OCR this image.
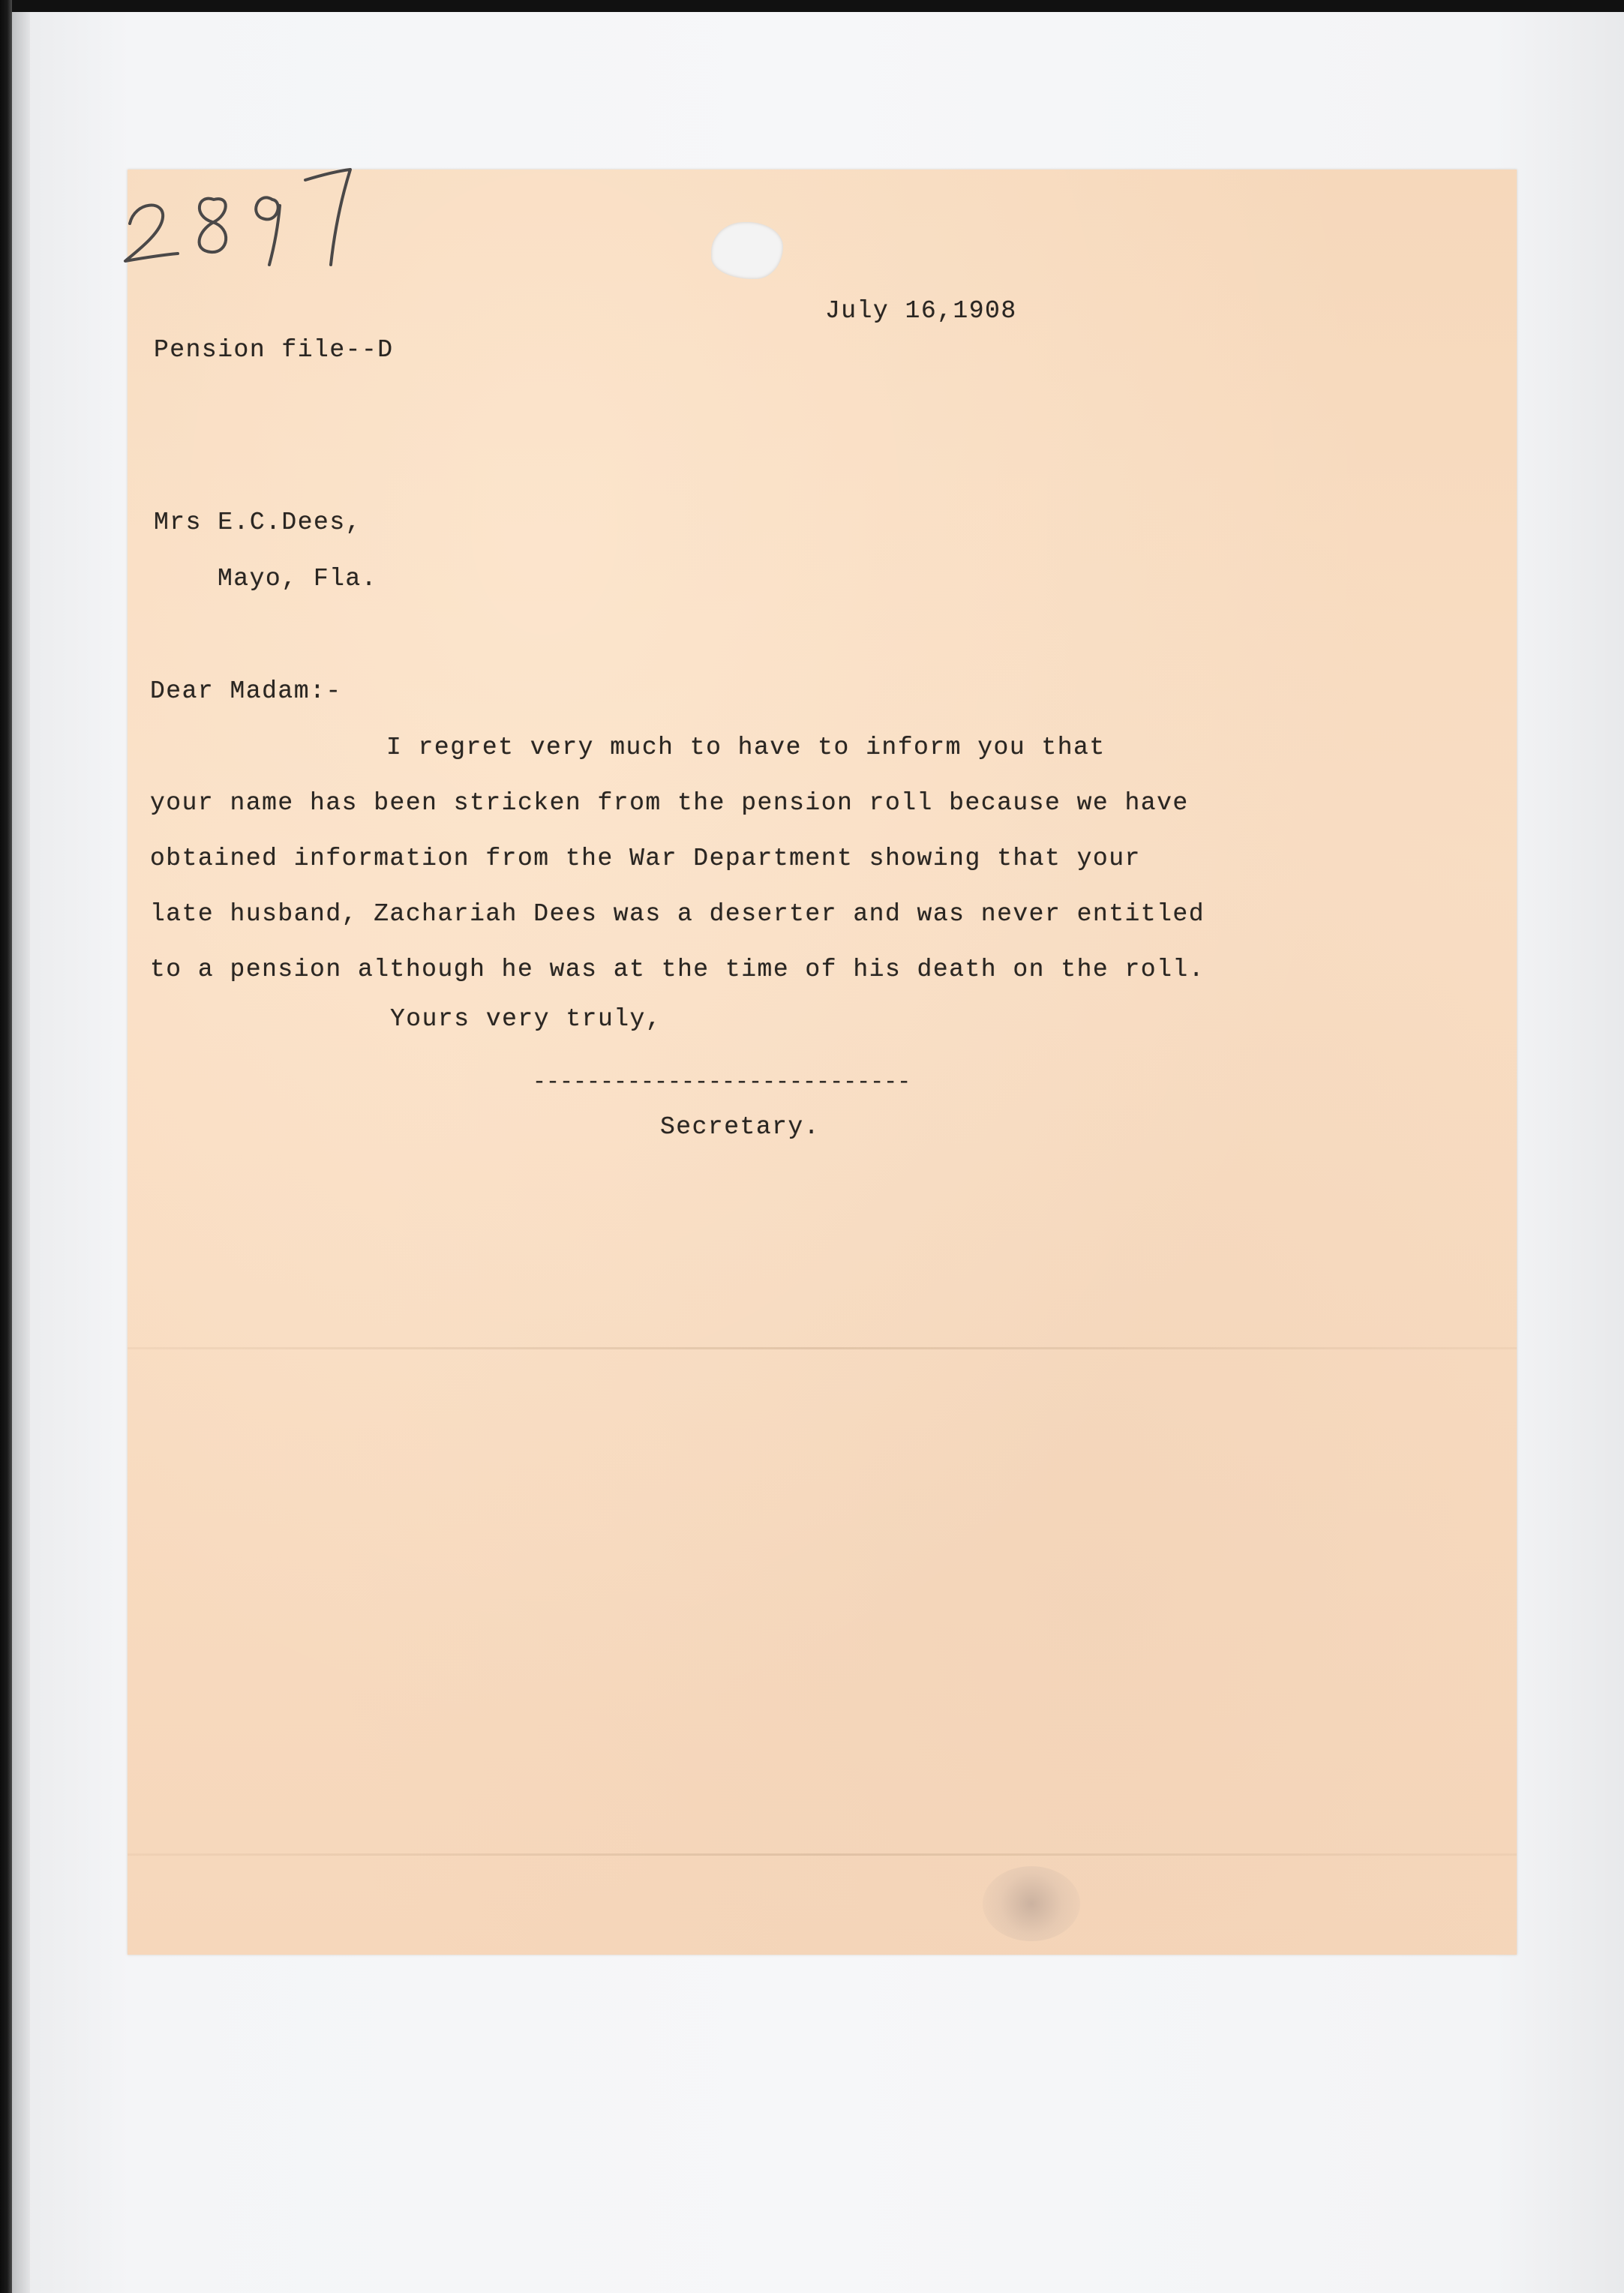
July 16,1908
Pension file--D
Mrs E.C.Dees,
Mayo, Fla.
Dear Madam:-
I regret very much to have to inform you that
your name has been stricken from the pension roll because we have
obtained information from the War Department showing that your
late husband, Zachariah Dees was a deserter and was never entitled
to a pension although he was at the time of his death on the roll.
Yours very truly,
----------------------------
Secretary.
